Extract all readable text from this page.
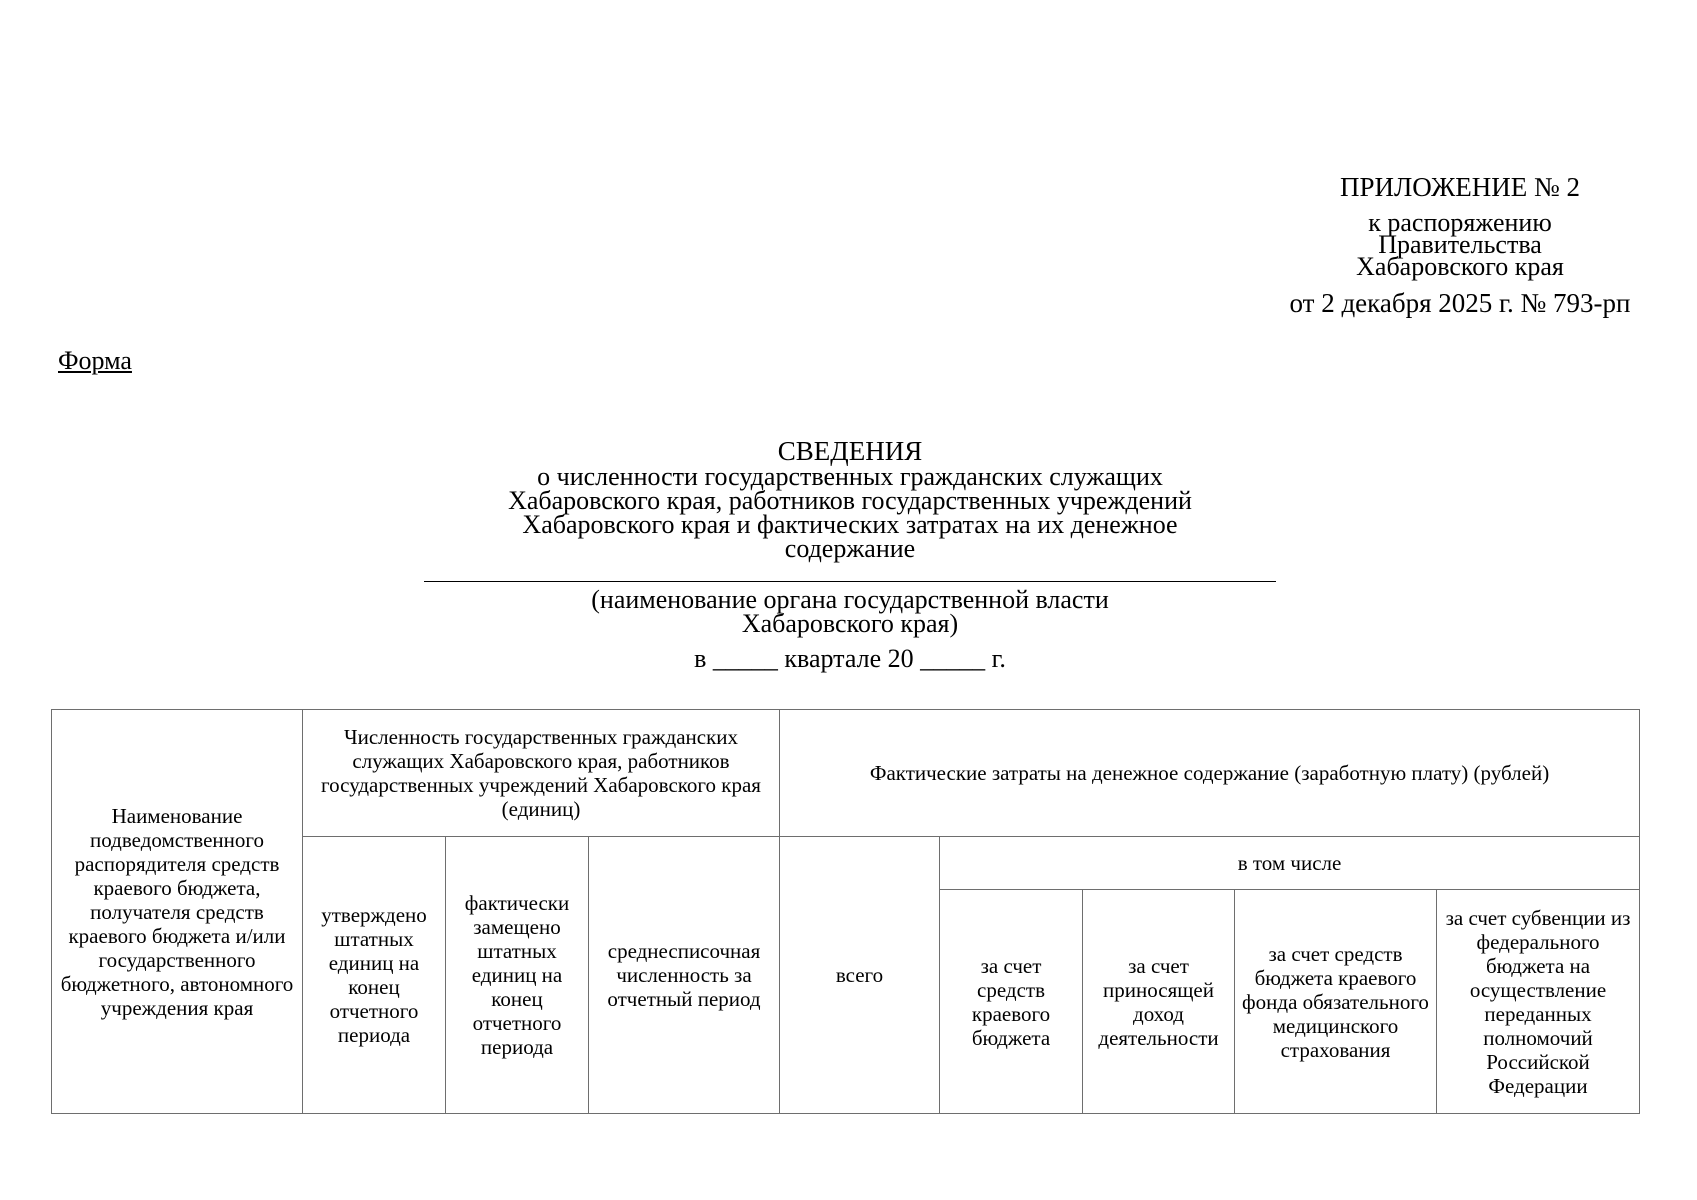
ПРИЛОЖЕНИЕ № 2
к распоряжению
Правительства
Хабаровского края
от 2 декабря 2025 г. № 793-рп
Форма
СВЕДЕНИЯ
о численности государственных гражданских служащих
Хабаровского края, работников государственных учреждений
Хабаровского края и фактических затратах на их денежное
содержание
(наименование органа государственной власти
Хабаровского края)
в _____ квартале 20 _____ г.
Наименование подведомственного распорядителя средств краевого бюджета, получателя средств краевого бюджета и/или государственного бюджетного, автономного учреждения края	Численность государственных гражданских служащих Хабаровского края, работников государственных учреждений Хабаровского края (единиц)			Фактические затраты на денежное содержание (заработную плату) (рублей)				
	утверждено штатных единиц на конец отчетного периода	фактически замещено штатных единиц на конец отчетного периода	среднесписочная численность за отчетный период	всего	в том числе			
					за счет средств краевого бюджета	за счет приносящей доход деятельности	за счет средств бюджета краевого фонда обязательного медицинского страхования	за счет субвенции из федерального бюджета на осуществление переданных полномочий Российской Федерации
